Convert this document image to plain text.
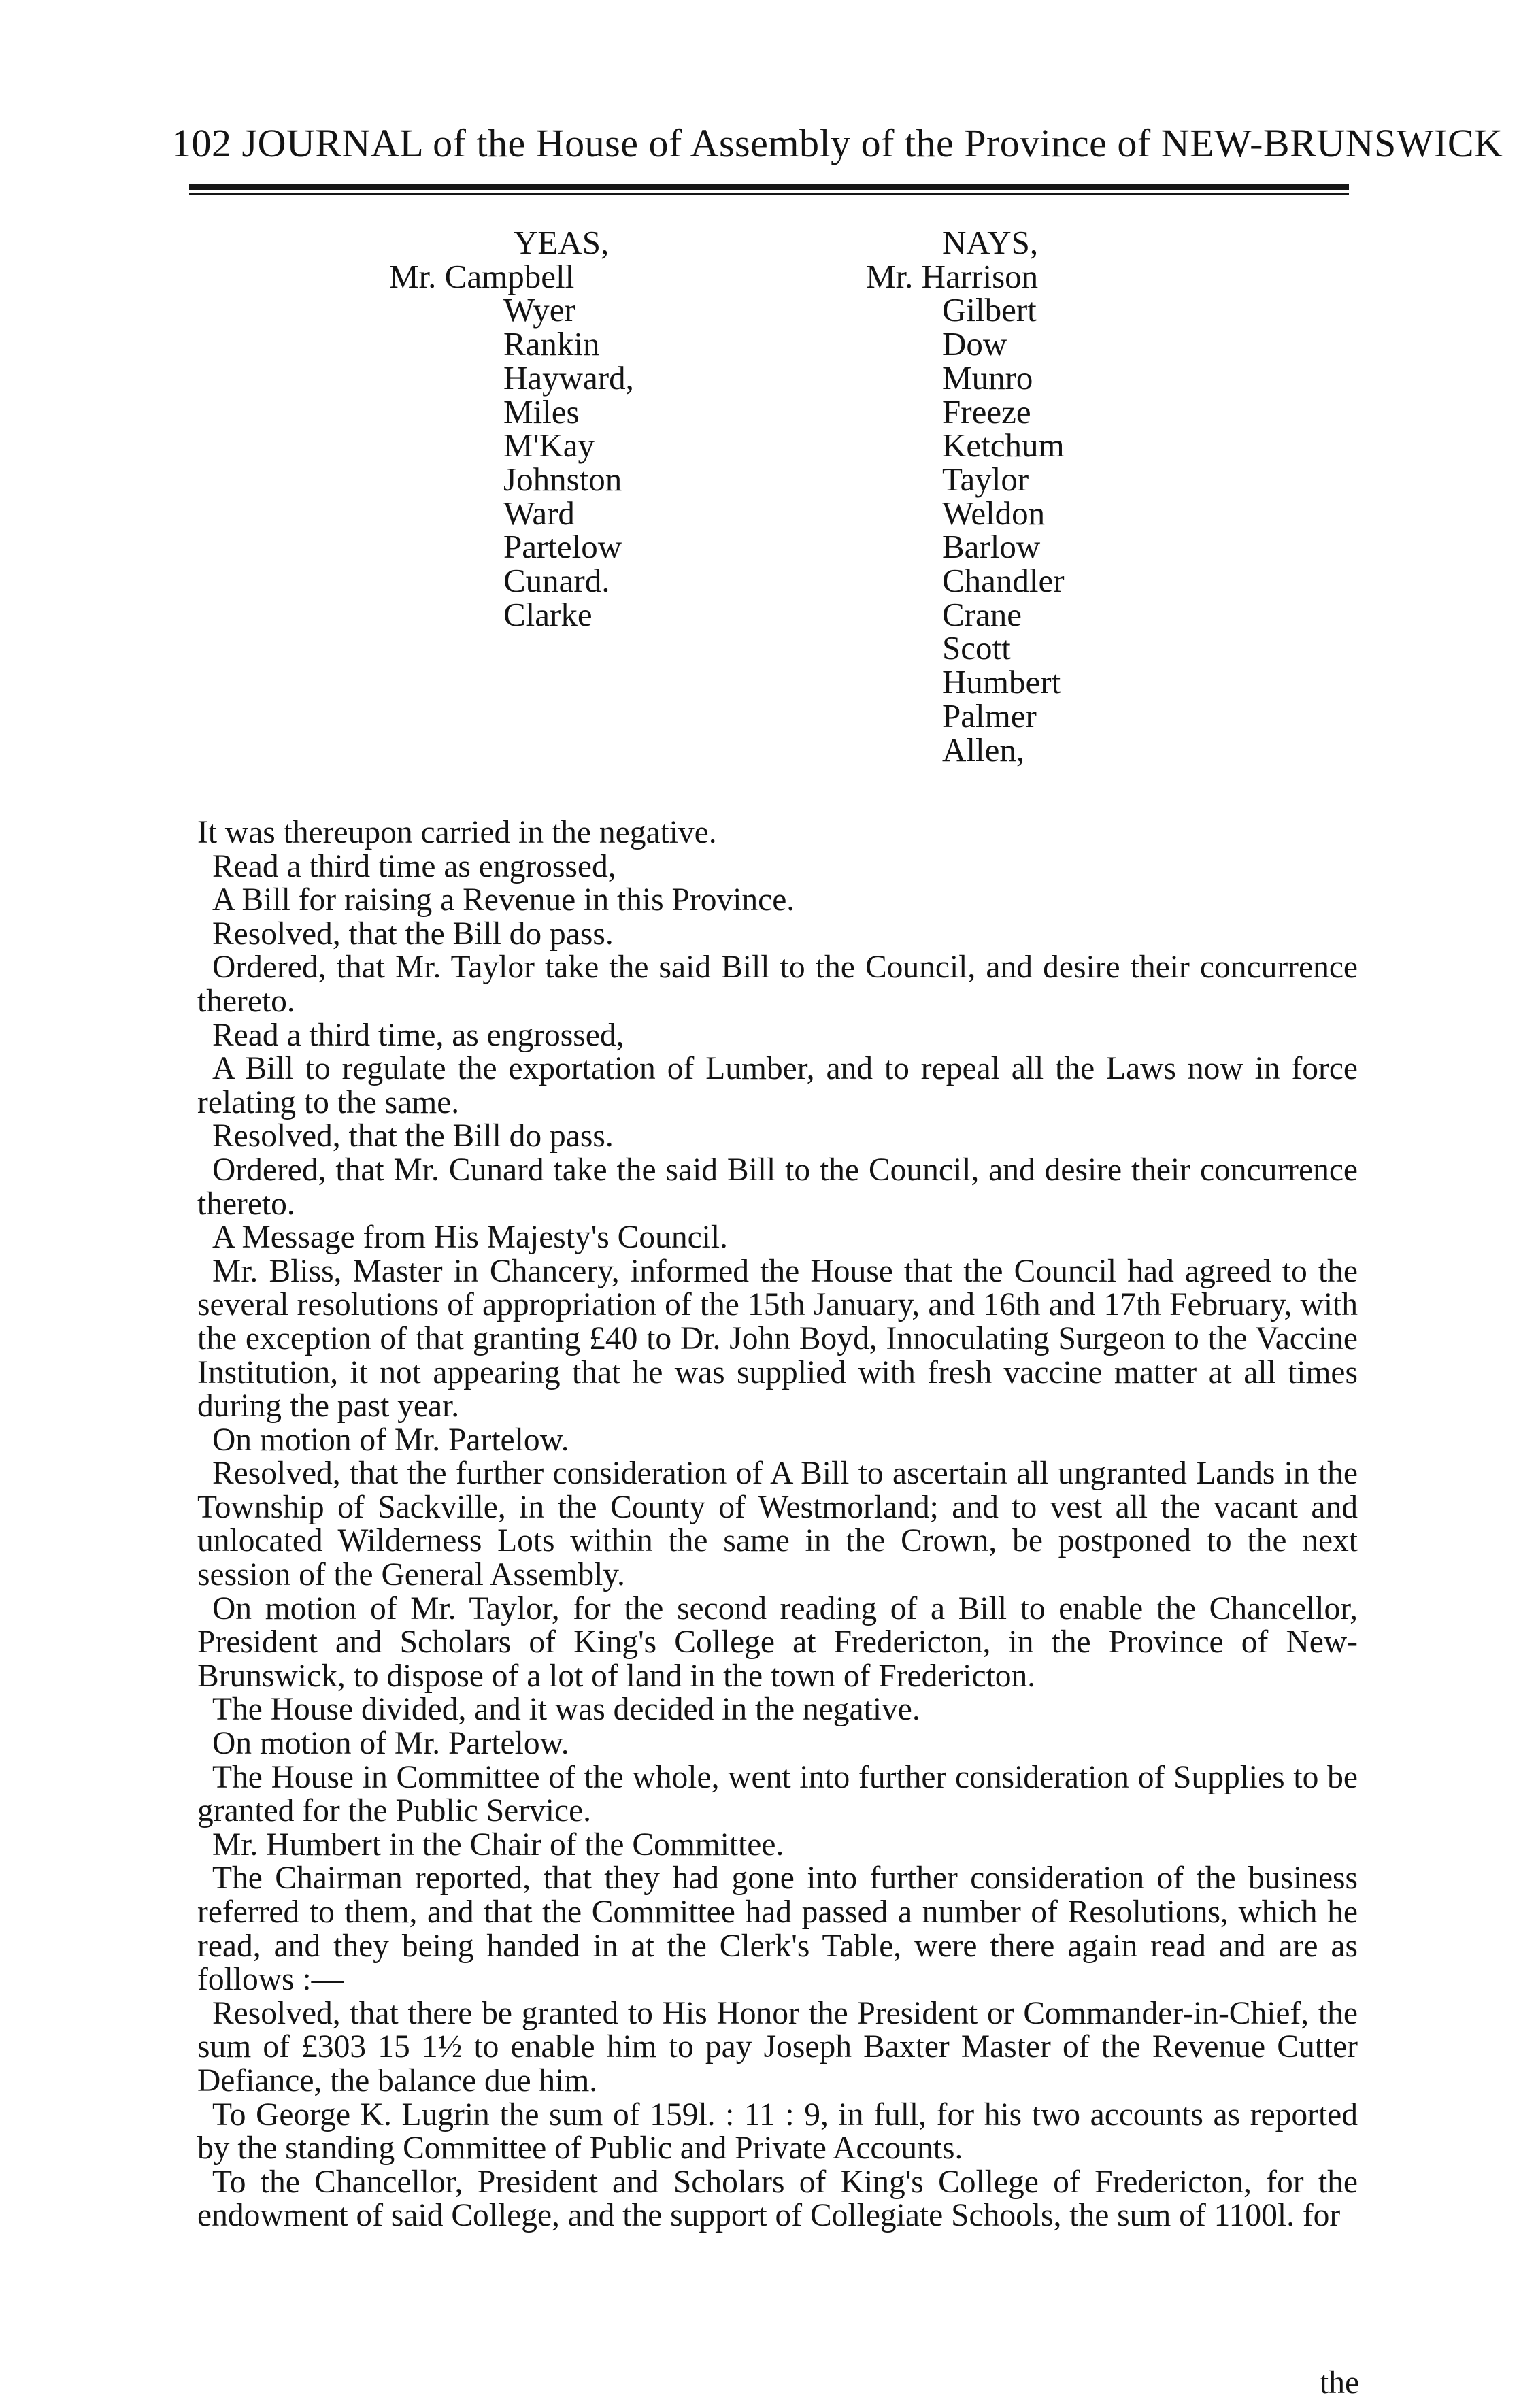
102 JOURNAL of the House of Assembly of the Province of NEW-BRUNSWICK
YEAS,
Mr. Campbell
Wyer
Rankin
Hayward,
Miles
M'Kay
Johnston
Ward
Partelow
Cunard.
Clarke
NAYS,
Mr. Harrison
Gilbert
Dow
Munro
Freeze
Ketchum
Taylor
Weldon
Barlow
Chandler
Crane
Scott
Humbert
Palmer
Allen,

It was thereupon carried in the negative.

Read a third time as engrossed,

A Bill for raising a Revenue in this Province.

Resolved, that the Bill do pass.

Ordered, that Mr. Taylor take the said Bill to the Council, and desire their concurrence thereto.

Read a third time, as engrossed,

A Bill to regulate the exportation of Lumber, and to repeal all the Laws now in force relating to the same.

Resolved, that the Bill do pass.

Ordered, that Mr. Cunard take the said Bill to the Council, and desire their concurrence thereto.

A Message from His Majesty's Council.

Mr. Bliss, Master in Chancery, informed the House that the Council had agreed to the several resolutions of appropriation of the 15th January, and 16th and 17th February, with the exception of that granting £40 to Dr. John Boyd, Innoculating Surgeon to the Vaccine Institution, it not appearing that he was supplied with fresh vaccine matter at all times during the past year.

On motion of Mr. Partelow.

Resolved, that the further consideration of A Bill to ascertain all ungranted Lands in the Township of Sackville, in the County of Westmorland; and to vest all the vacant and unlocated Wilderness Lots within the same in the Crown, be postponed to the next session of the General Assembly.

On motion of Mr. Taylor, for the second reading of a Bill to enable the Chancellor, President and Scholars of King's College at Fredericton, in the Province of New-Brunswick, to dispose of a lot of land in the town of Fredericton.

The House divided, and it was decided in the negative.

On motion of Mr. Partelow.

The House in Committee of the whole, went into further consideration of Supplies to be granted for the Public Service.

Mr. Humbert in the Chair of the Committee.

The Chairman reported, that they had gone into further consideration of the business referred to them, and that the Committee had passed a number of Resolutions, which he read, and they being handed in at the Clerk's Table, were there again read and are as follows :—

Resolved, that there be granted to His Honor the President or Commander-in-Chief, the sum of £303 15 1½ to enable him to pay Joseph Baxter Master of the Revenue Cutter Defiance, the balance due him.

To George K. Lugrin the sum of 159l. : 11 : 9, in full, for his two accounts as reported by the standing Committee of Public and Private Accounts.

To the Chancellor, President and Scholars of King's College of Fredericton, for the endowment of said College, and the support of Collegiate Schools, the sum of 1100l. for

the
